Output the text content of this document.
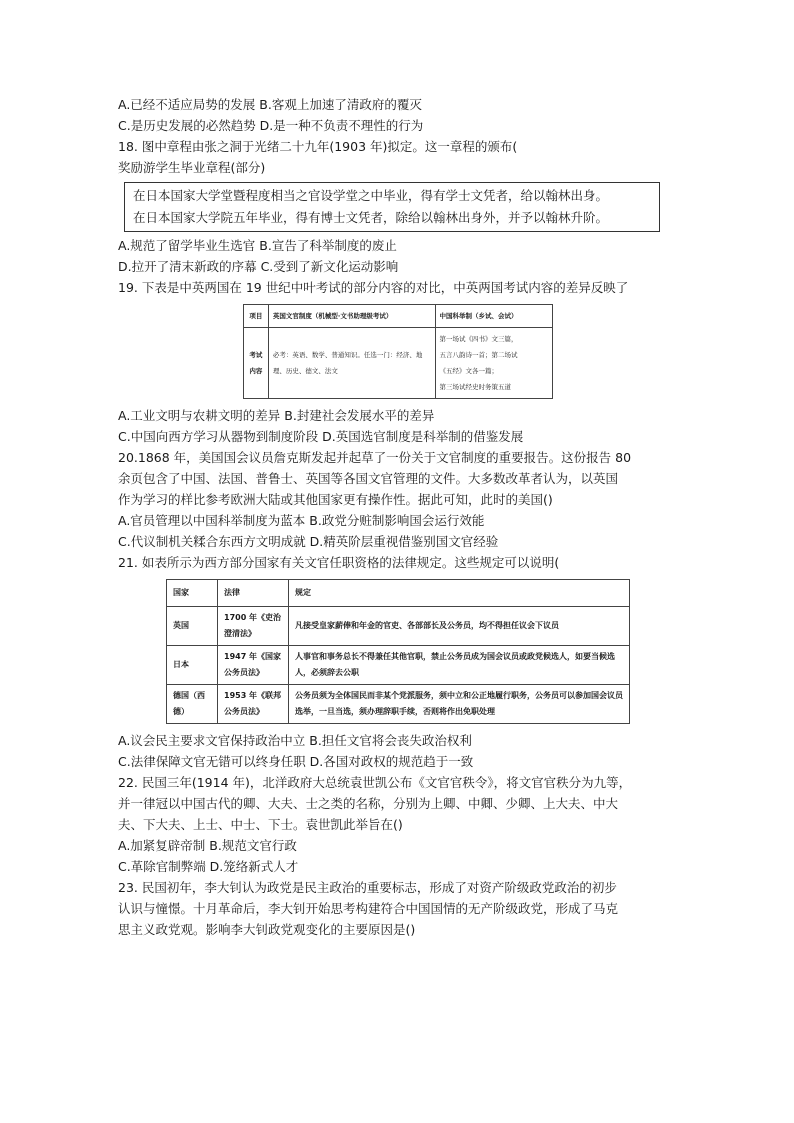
A.已经不适应局势的发展 B.客观上加速了清政府的覆灭
C.是历史发展的必然趋势 D.是一种不负责不理性的行为
18. 图中章程由张之洞于光绪二十九年(1903 年)拟定。这一章程的颁布(
奖励游学生毕业章程(部分)
在日本国家大学堂暨程度相当之官设学堂之中毕业，得有学士文凭者，给以翰林出身。
在日本国家大学院五年毕业，得有博士文凭者，除给以翰林出身外，并予以翰林升阶。
A.规范了留学毕业生选官 B.宣告了科举制度的废止
D.拉开了清末新政的序幕 C.受到了新文化运动影响
19. 下表是中英两国在 19 世纪中叶考试的部分内容的对比，中英两国考试内容的差异反映了
项目	英国文官制度（机械型·文书助理级考试）	中国科举制（乡试、会试）
考试内容	必考：英语、数学、普通知识。任选一门：经济、地理、历史、德文、法文	第一场试《四书》文三篇，
五言八韵诗一首；第二场试
《五经》文各一篇；
第三场试经史时务策五道
A.工业文明与农耕文明的差异 B.封建社会发展水平的差异
C.中国向西方学习从器物到制度阶段 D.英国选官制度是科举制的借鉴发展
20.1868 年，美国国会议员詹克斯发起并起草了一份关于文官制度的重要报告。这份报告 80
余页包含了中国、法国、普鲁士、英国等各国文官管理的文件。大多数改革者认为，以英国
作为学习的样比参考欧洲大陆或其他国家更有操作性。据此可知，此时的美国()
A.官员管理以中国科举制度为蓝本 B.政党分赃制影响国会运行效能
C.代议制机关糅合东西方文明成就 D.精英阶层重视借鉴别国文官经验
21. 如表所示为西方部分国家有关文官任职资格的法律规定。这些规定可以说明(
国家	法律	规定
英国	1700 年《吏治澄清法》	凡接受皇家薪俸和年金的官吏、各部部长及公务员，均不得担任议会下议员
日本	1947 年《国家公务员法》	人事官和事务总长不得兼任其他官职，禁止公务员成为国会议员或政党候选人，如要当候选人，必须辞去公职
德国（西德）	1953 年《联邦公务员法》	公务员须为全体国民而非某个党派服务，须中立和公正地履行职务，公务员可以参加国会议员选举，一旦当选，须办理辞职手续，否则将作出免职处理
A.议会民主要求文官保持政治中立 B.担任文官将会丧失政治权利
C.法律保障文官无错可以终身任职 D.各国对政权的规范趋于一致
22. 民国三年(1914 年)，北洋政府大总统袁世凯公布《文官官秩令》，将文官官秩分为九等，
并一律冠以中国古代的卿、大夫、士之类的名称，分别为上卿、中卿、少卿、上大夫、中大
夫、下大夫、上士、中士、下士。袁世凯此举旨在()
A.加紧复辟帝制 B.规范文官行政
C.革除官制弊端 D.笼络新式人才
23. 民国初年，李大钊认为政党是民主政治的重要标志，形成了对资产阶级政党政治的初步
认识与憧憬。十月革命后，李大钊开始思考构建符合中国国情的无产阶级政党，形成了马克
思主义政党观。影响李大钊政党观变化的主要原因是()
